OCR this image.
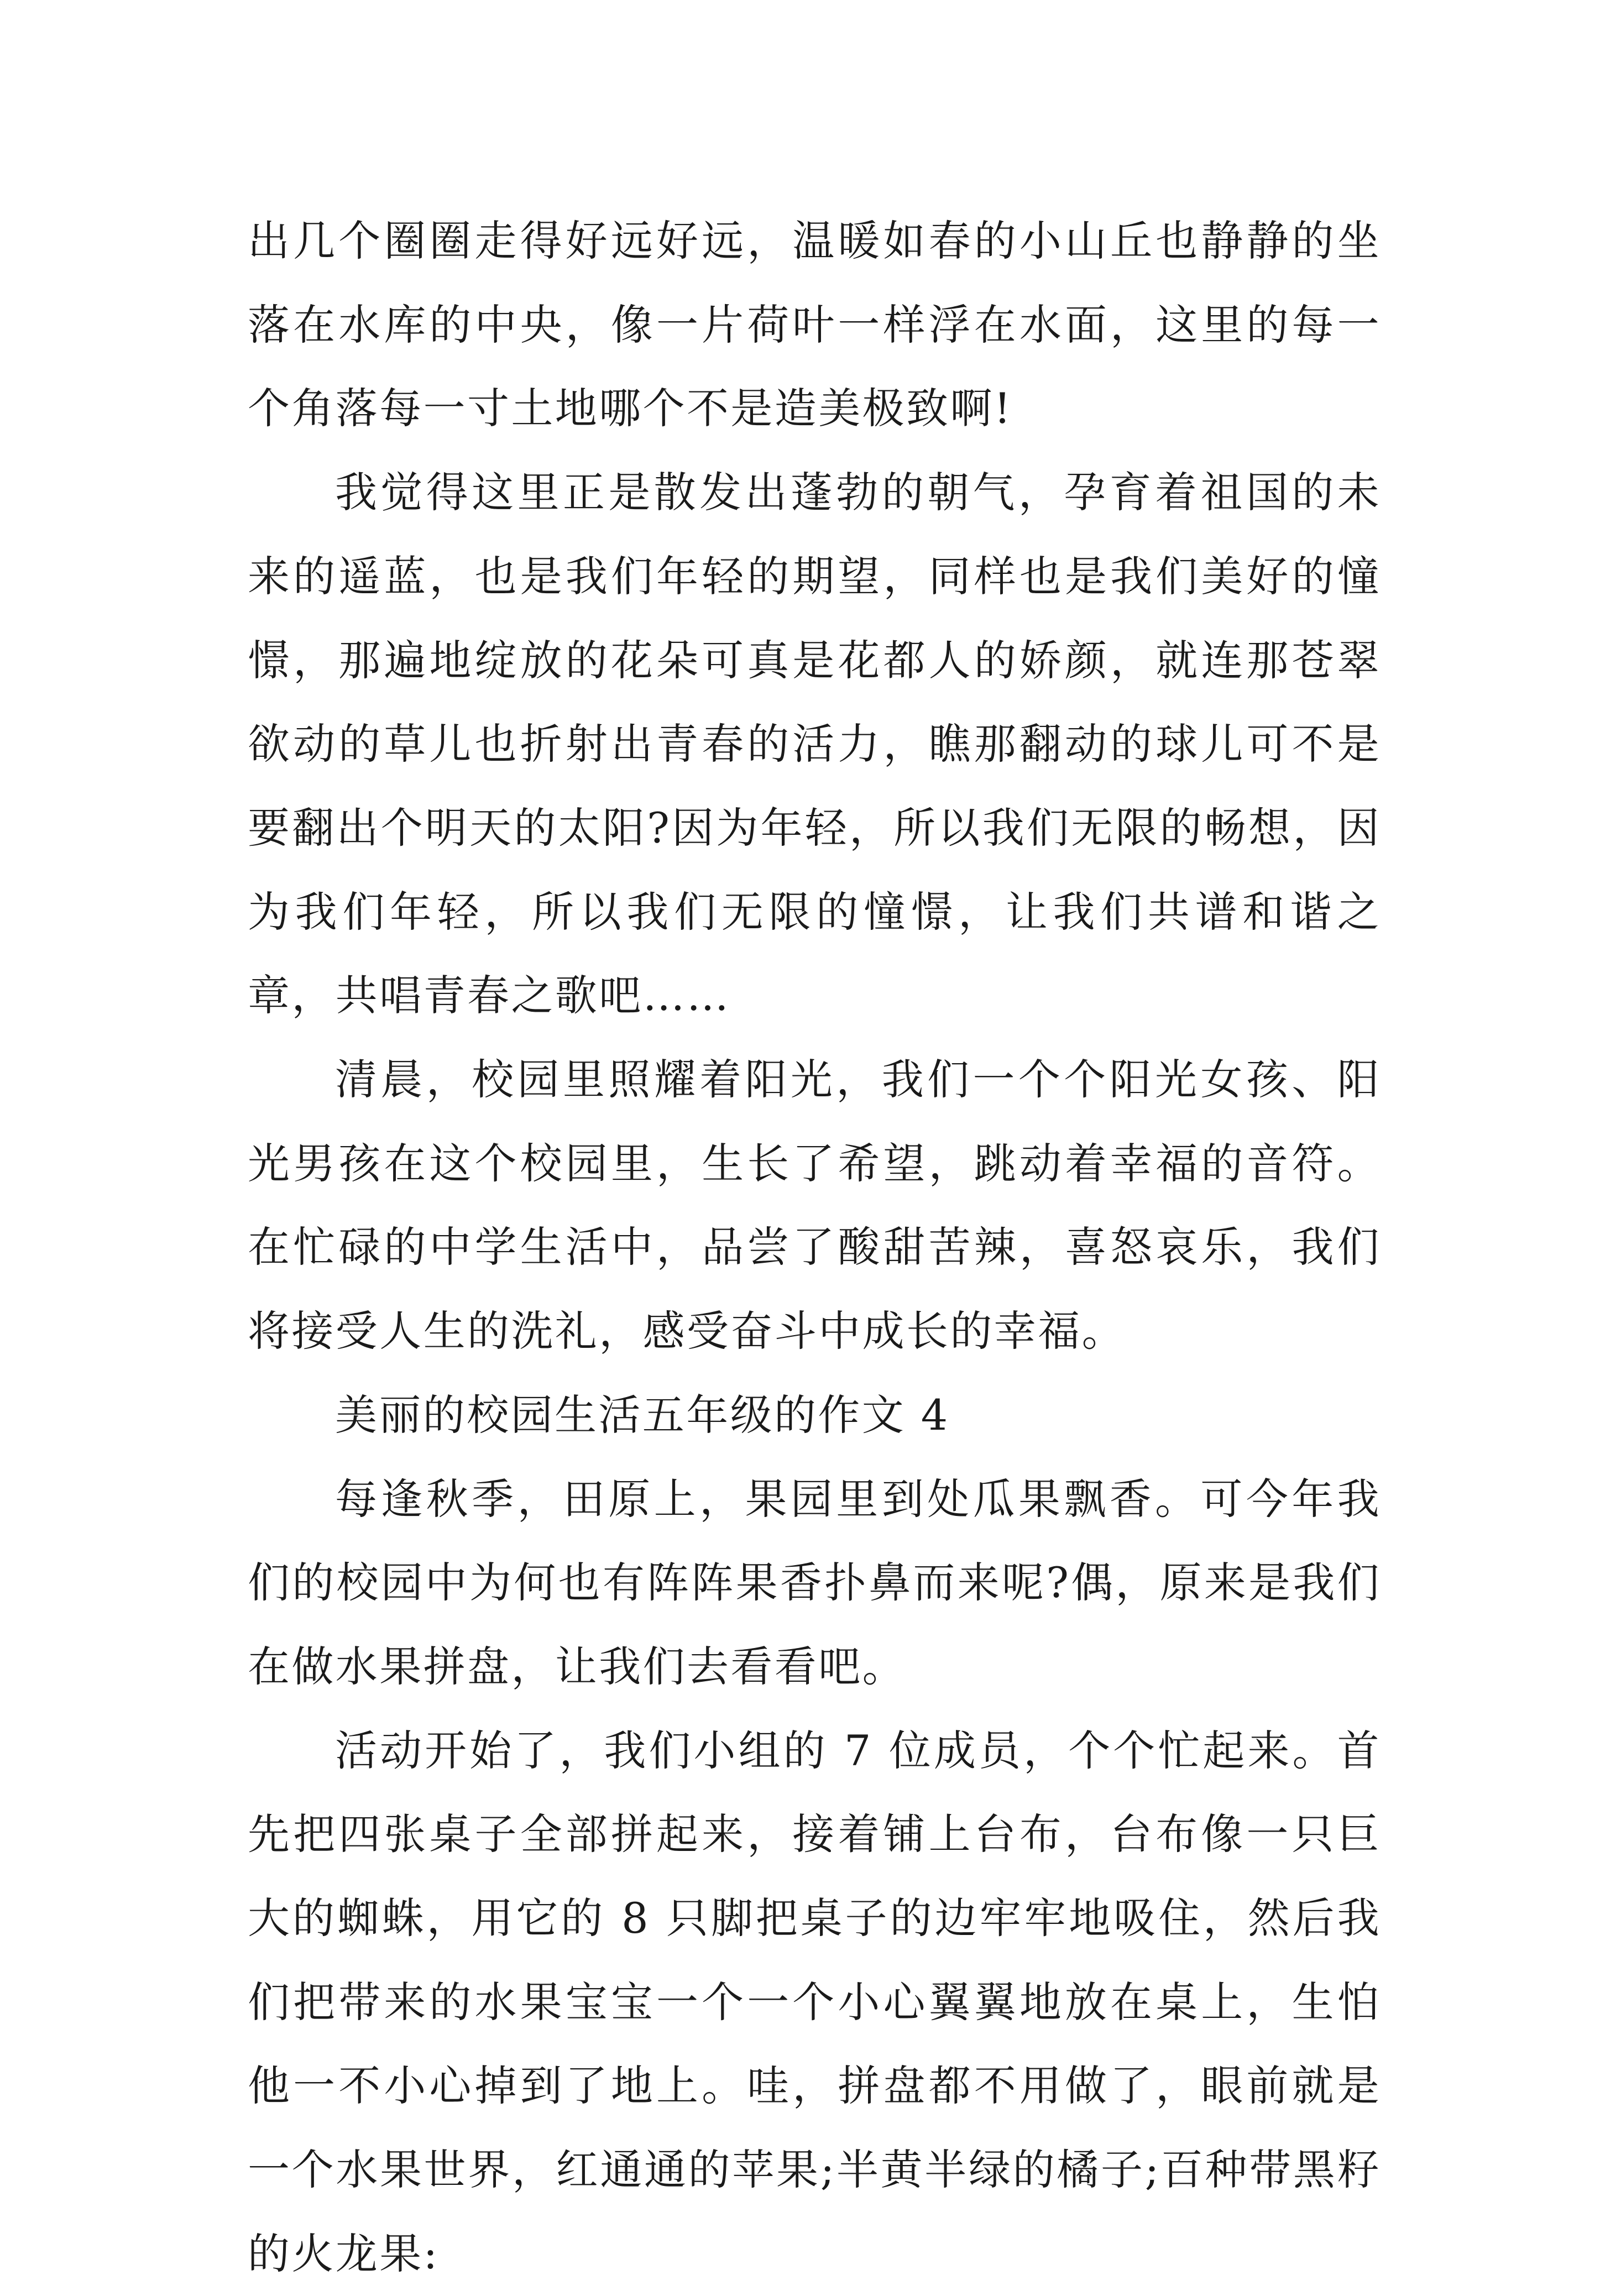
出几个圈圈走得好远好远，温暖如春的小山丘也静静的坐落在水库的中央，像一片荷叶一样浮在水面，这里的每一个角落每一寸土地哪个不是造美极致啊!

我觉得这里正是散发出蓬勃的朝气，孕育着祖国的未来的遥蓝，也是我们年轻的期望，同样也是我们美好的憧憬，那遍地绽放的花朵可真是花都人的娇颜，就连那苍翠欲动的草儿也折射出青春的活力，瞧那翻动的球儿可不是要翻出个明天的太阳?因为年轻，所以我们无限的畅想，因为我们年轻，所以我们无限的憧憬，让我们共谱和谐之章，共唱青春之歌吧……

清晨，校园里照耀着阳光，我们一个个阳光女孩、阳光男孩在这个校园里，生长了希望，跳动着幸福的音符。在忙碌的中学生活中，品尝了酸甜苦辣，喜怒哀乐，我们将接受人生的洗礼，感受奋斗中成长的幸福。

美丽的校园生活五年级的作文 4

每逢秋季，田原上，果园里到处瓜果飘香。可今年我们的校园中为何也有阵阵果香扑鼻而来呢?偶，原来是我们在做水果拼盘，让我们去看看吧。

活动开始了，我们小组的 7 位成员，个个忙起来。首先把四张桌子全部拼起来，接着铺上台布，台布像一只巨大的蜘蛛，用它的 8 只脚把桌子的边牢牢地吸住，然后我们把带来的水果宝宝一个一个小心翼翼地放在桌上，生怕他一不小心掉到了地上。哇，拼盘都不用做了，眼前就是一个水果世界，红通通的苹果;半黄半绿的橘子;百种带黑籽的火龙果:
